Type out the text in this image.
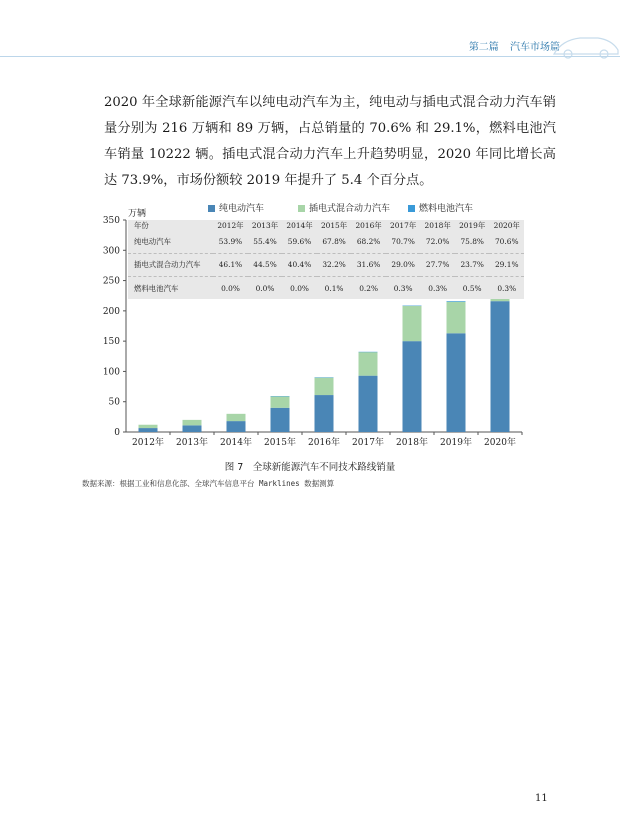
第二篇 汽车市场篇
2020 年全球新能源汽车以纯电动汽车为主，纯电动与插电式混合动力汽车销量分别为 216 万辆和 89 万辆，占总销量的 70.6% 和 29.1%，燃料电池汽车销量 10222 辆。插电式混合动力汽车上升趋势明显，2020 年同比增长高达 73.9%，市场份额较 2019 年提升了 5.4 个百分点。
纯电动汽车	插电式混合动力汽车	燃料电池汽车
万辆
0
50
100
150
200
250
300
350
2012年 2013年 2014年 2015年 2016年 2017年 2018年 2019年 2020年
年份	2012年	2013年	2014年	2015年	2016年	2017年	2018年	2019年	2020年
纯电动汽车	53.9%	55.4%	59.6%	67.8%	68.2%	70.7%	72.0%	75.8%	70.6%
插电式混合动力汽车	46.1%	44.5%	40.4%	32.2%	31.6%	29.0%	27.7%	23.7%	29.1%
燃料电池汽车	0.0%	0.0%	0.0%	0.1%	0.2%	0.3%	0.3%	0.5%	0.3%
图 7　全球新能源汽车不同技术路线销量
数据来源：根据工业和信息化部、全球汽车信息平台 Marklines 数据测算
11
